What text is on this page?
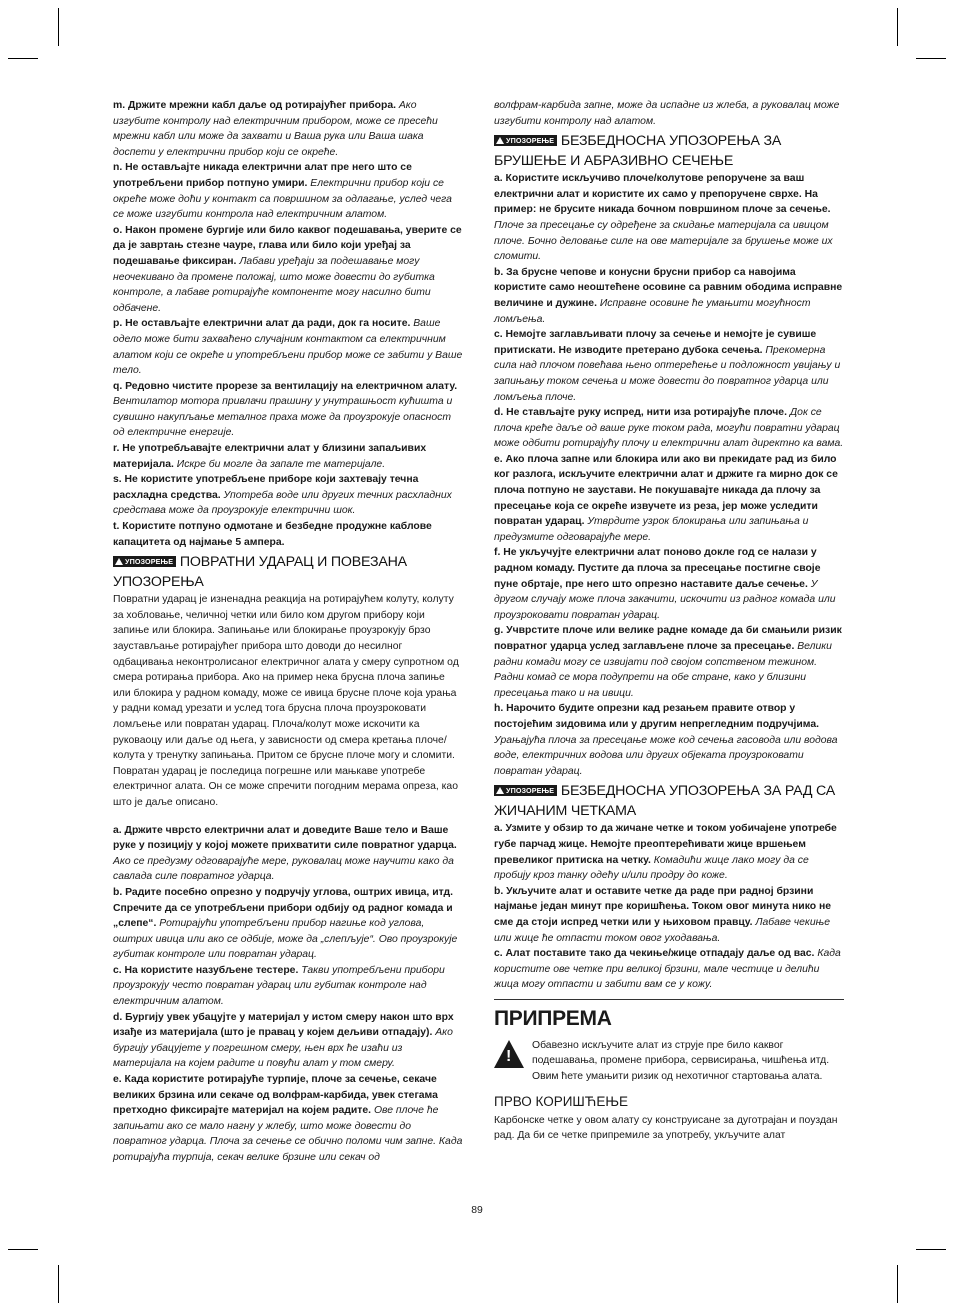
m. Држите мрежни кабл даље од ротирајућег прибора. Ако изгубите контролу над електричним прибором, може се пресећи мрежни кабл или може да захвати и Ваша рука или Ваша шака доспети у електрични прибор који се окреће.

n. Не остављајте никада електрични алат пре него што се употребљени прибор потпуно умири. Електрични прибор који се окреће може доћи у контакт са површином за одлагање, услед чега се може изгубити контрола над електричним алатом.

o. Након промене бургије или било каквог подешавања, уверите се да је завртањ стезне чауре, глава или било који уређај за подешавање фиксиран. Лабави уређаји за подешавање могу неочекивано да промене положај, што може довести до губитка контроле, а лабаве ротирајуће компоненте могу насилно бити одбачене.

p. Не остављајте електрични алат да ради, док га носите. Ваше одело може бити захваћено случајним контактом са електричним алатом који се окреће и употребљени прибор може се забити у Ваше тело.

q. Редовно чистите прорезе за вентилацију на електричном алату. Вентилатор мотора привлачи прашину у унутрашњост кућишта и сувишно накупљање металног праха може да проузрокује опасност од електричне енергије.

r. Не употребљавајте електрични алат у близини запаљивих материјала. Искре би могле да запале те материјале.

s. Не користите употребљене приборе који захтевају течна расхладна средства. Употреба воде или других течних расхладних средстава може да проузрокује електрични шок.

t. Користите потпуно одмотане и безбедне продужне каблове капацитета од најмање 5 ампера.

УПОЗОРЕЊЕ ПОВРАТНИ УДАРАЦ И ПОВЕЗАНА УПОЗОРЕЊА

Повратни ударац је изненадна реакција на ротирајућем колуту, колуту за хобловање, челичној четки или било ком другом прибору који запиње или блокира. Запињање или блокирање проузрокују брзо заустављање ротирајућег прибора што доводи до несилног одбацивања неконтролисаног електричног алата у смеру супротном од смера ротирања прибора. Ако на пример нека брусна плоча запиње или блокира у радном комаду, може се ивица брусне плоче која урања у радни комад урезати и услед тога брусна плоча проузроковати ломљење или повратан ударац. Плоча/колут може искочити ка руковаоцу или даље од њега, у зависности од смера кретања плоче/колута у тренутку запињања. Притом се брусне плоче могу и сломити. Повратан ударац је последица погрешне или мањкаве употребе електричног алата. Он се може спречити погодним мерама опреза, као што је даље описано.

a. Држите чврсто електрични алат и доведите Ваше тело и Ваше руке у позицију у којој можете прихватити силе повратног ударца. Ако се предузму одговарајуће мере, руковалац може научити како да савлада силе повратног ударца.

b. Радите посебно опрезно у подручју углова, оштрих ивица, итд. Спречите да се употребљени прибори одбију од радног комада и „слепе“. Ротирајући употребљени прибор нагиње код углова, оштрих ивица или ако се одбије, може да „слепљује“. Ово проузрокује губитак контроле или повратан ударац.

c. На користите назубљене тестере. Такви употребљени прибори проузрокују често повратан ударац или губитак контроле над електричним алатом.

d. Бургију увек убацујте у материјал у истом смеру након што врх изађе из материјала (што је правац у којем дељиви отпадају). Ако бургију убацујете у погрешном смеру, њен врх ће изаћи из материјала на којем радите и повући алат у том смеру.

e. Када користите ротирајуће турпије, плоче за сечење, секаче великих брзина или секаче од волфрам-карбида, увек стегама претходно фиксирајте материјал на којем радите. Ове плоче ће запињати ако се мало нагну у жлебу, што може довести до повратног ударца. Плоча за сечење се обично поломи чим запне. Када ротирајућа турпија, секач велике брзине или секач од

волфрам-карбида запне, може да испадне из жлеба, а руковалац може изгубити контролу над алатом.

УПОЗОРЕЊЕ БЕЗБЕДНОСНА УПОЗОРЕЊА ЗА БРУШЕЊЕ И АБРАЗИВНО СЕЧЕЊЕ

a. Користите искључиво плоче/колутове репоручене за ваш електрични алат и користите их само у препоручене сврхе. На пример: не брусите никада бочном површином плоче за сечење. Плоче за пресецање су одређене за скидање материјала са ивицом плоче. Бочно деловање силе на ове материјале за брушење може их сломити.

b. За брусне чепове и конусни брусни прибор са навојима користите само неоштећене осовине са равним ободима исправне величине и дужине. Исправне осовине ће умањити могућност ломљења.

c. Немојте заглављивати плочу за сечење и немојте је сувише притискати. Не изводите претерано дубока сечења. Прекомерна сила над плочом повећава њено оптерећење и подложност увијању и запињању током сечења и може довести до повратног ударца или ломљења плоче.

d. Не стављајте руку испред, нити иза ротирајуће плоче. Док се плоча креће даље од ваше руке током рада, могући повратни ударац може одбити ротирајућу плочу и електрични алат директно ка вама.

e. Ако плоча запне или блокира или ако ви прекидате рад из било ког разлога, искључите електрични алат и држите га мирно док се плоча потпуно не заустави. Не покушавајте никада да плочу за пресецање која се окреће извучете из реза, јер може уследити повратан ударац. Утврдите узрок блокирања или запињања и предузмите одговарајуће мере.

f. Не укључујте електрични алат поново докле год се налази у радном комаду. Пустите да плоча за пресецање постигне своје пуне обртаје, пре него што опрезно наставите даље сечење. У другом случају може плоча закачити, искочити из радног комада или проузроковати повратан ударац.

g. Учврстите плоче или велике радне комаде да би смањили ризик повратног ударца услед заглављене плоче за пресецање. Велики радни комади могу се извијати под својом сопственом тежином. Радни комад се мора подупрети на обе стране, како у близини пресецања тако и на ивици.

h. Нарочито будите опрезни кад резањем правите отвор у постојећим зидовима или у другим непрегледним подручјима. Урањајућа плоча за пресецање може код сечења гасовода или водова воде, електричних водова или других објеката проузроковати повратан ударац.

УПОЗОРЕЊЕ БЕЗБЕДНОСНА УПОЗОРЕЊА ЗА РАД СА ЖИЧАНИМ ЧЕТКАМА

a. Узмите у обзир то да жичане четке и током уобичајене употребе губе парчад жице. Немојте преоптерећивати жице вршењем превеликог притиска на четку. Комадићи жице лако могу да се пробију кроз танку одећу и/или продру до коже.

b. Укључите алат и оставите четке да раде при радној брзини најмање један минут пре коришћења. Током овог минута нико не сме да стоји испред четки или у њиховом правцу. Лабаве чекиње или жице ће отпасти током овог уходавања.

c. Алат поставите тако да чекиње/жице отпадају даље од вас. Када користите ове четке при великој брзини, мале честице и делићи жица могу отпасти и забити вам се у кожу.

ПРИПРЕМА
!

Обавезно искључите алат из струје пре било каквог подешавања, промене прибора, сервисирања, чишћења итд. Овим ћете умањити ризик од нехотичног стартовања алата.

ПРВО КОРИШЋЕЊЕ

Карбонске четке у овом алату су конструисане за дуготрајан и поуздан рад. Да би се четке припремиле за употребу, укључите алат

89
